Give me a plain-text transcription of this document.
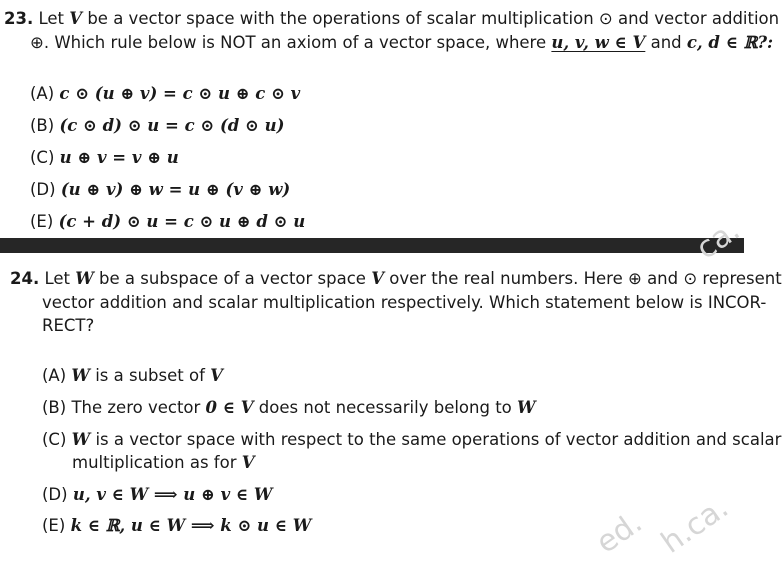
23. Let V be a vector space with the operations of scalar multiplication ⊙ and vector addition
⊕. Which rule below is NOT an axiom of a vector space, where u, v, w ∈ V and c, d ∈ ℝ?:
(A) c ⊙ (u ⊕ v) = c ⊙ u ⊕ c ⊙ v
(B) (c ⊙ d) ⊙ u = c ⊙ (d ⊙ u)
(C) u ⊕ v = v ⊕ u
(D) (u ⊕ v) ⊕ w = u ⊕ (v ⊕ w)
(E) (c + d) ⊙ u = c ⊙ u ⊕ d ⊙ u
24. Let W be a subspace of a vector space V over the real numbers. Here ⊕ and ⊙ represent
vector addition and scalar multiplication respectively. Which statement below is INCOR-
RECT?
(A) W is a subset of V
(B) The zero vector 0 ∈ V does not necessarily belong to W
(C) W is a vector space with respect to the same operations of vector addition and scalar
multiplication as for V
(D) u, v ∈ W ⟹ u ⊕ v ∈ W
(E) k ∈ ℝ, u ∈ W ⟹ k ⊙ u ∈ W
ca.
ed. h.ca.
